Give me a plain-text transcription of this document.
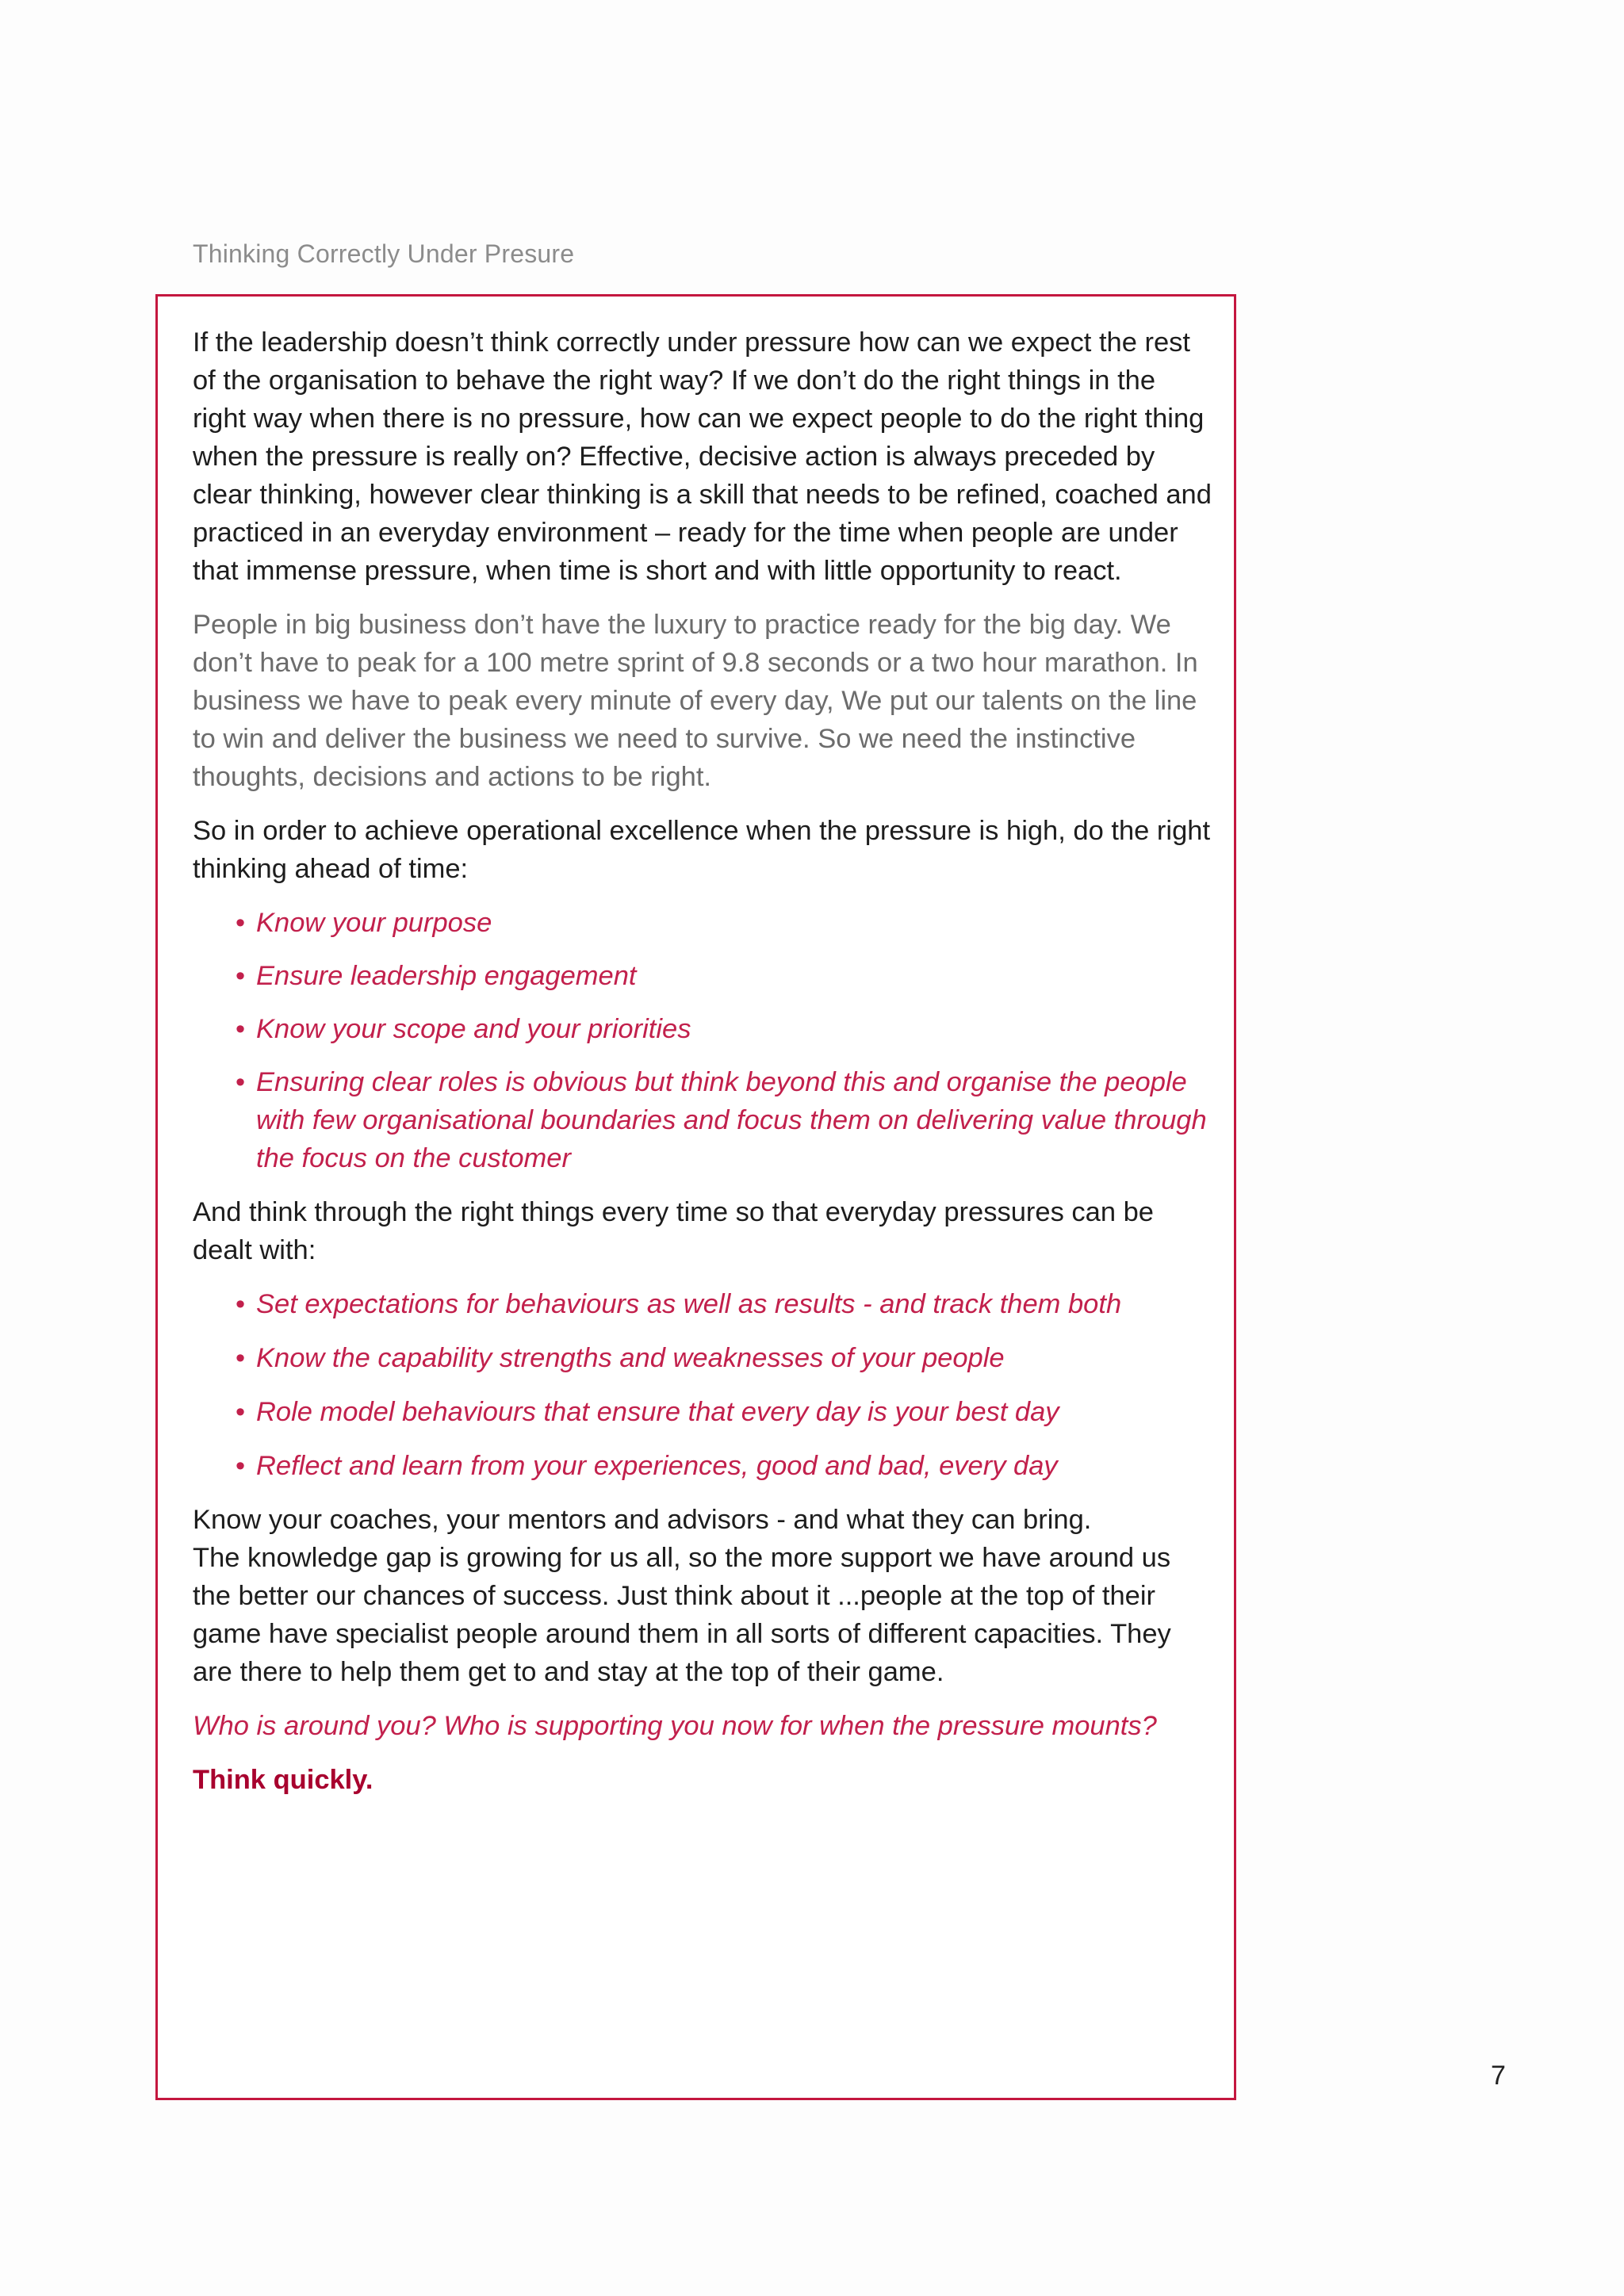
Thinking Correctly Under Presure

If the leadership doesn’t think correctly under pressure how can we expect the rest of the organisation to behave the right way? If we don’t do the right things in the right way when there is no pressure, how can we expect people to do the right thing when the pressure is really on? Effective, decisive action is always preceded by clear thinking, however clear thinking is a skill that needs to be refined, coached and practiced in an everyday environment – ready for the time when people are under that immense pressure, when time is short and with little opportunity to react.

People in big business don’t have the luxury to practice ready for the big day. We don’t have to peak for a 100 metre sprint of 9.8 seconds or a two hour marathon. In business we have to peak every minute of every day, We put our talents on the line to win and deliver the business we need to survive. So we need the instinctive thoughts, decisions and actions to be right.

So in order to achieve operational excellence when the pressure is high, do the right thinking ahead of time:

• Know your purpose
• Ensure leadership engagement
• Know your scope and your priorities
• Ensuring clear roles is obvious but think beyond this and organise the people with few organisational boundaries and focus them on delivering value through the focus on the customer

And think through the right things every time so that everyday pressures can be dealt with:

• Set expectations for behaviours as well as results - and track them both
• Know the capability strengths and weaknesses of your people
• Role model behaviours that ensure that every day is your best day
• Reflect and learn from your experiences, good and bad, every day

Know your coaches, your mentors and advisors - and what they can bring.
The knowledge gap is growing for us all, so the more support we have around us the better our chances of success. Just think about it ...people at the top of their game have specialist people around them in all sorts of different capacities. They are there to help them get to and stay at the top of their game.

Who is around you? Who is supporting you now for when the pressure mounts?

Think quickly.

7
